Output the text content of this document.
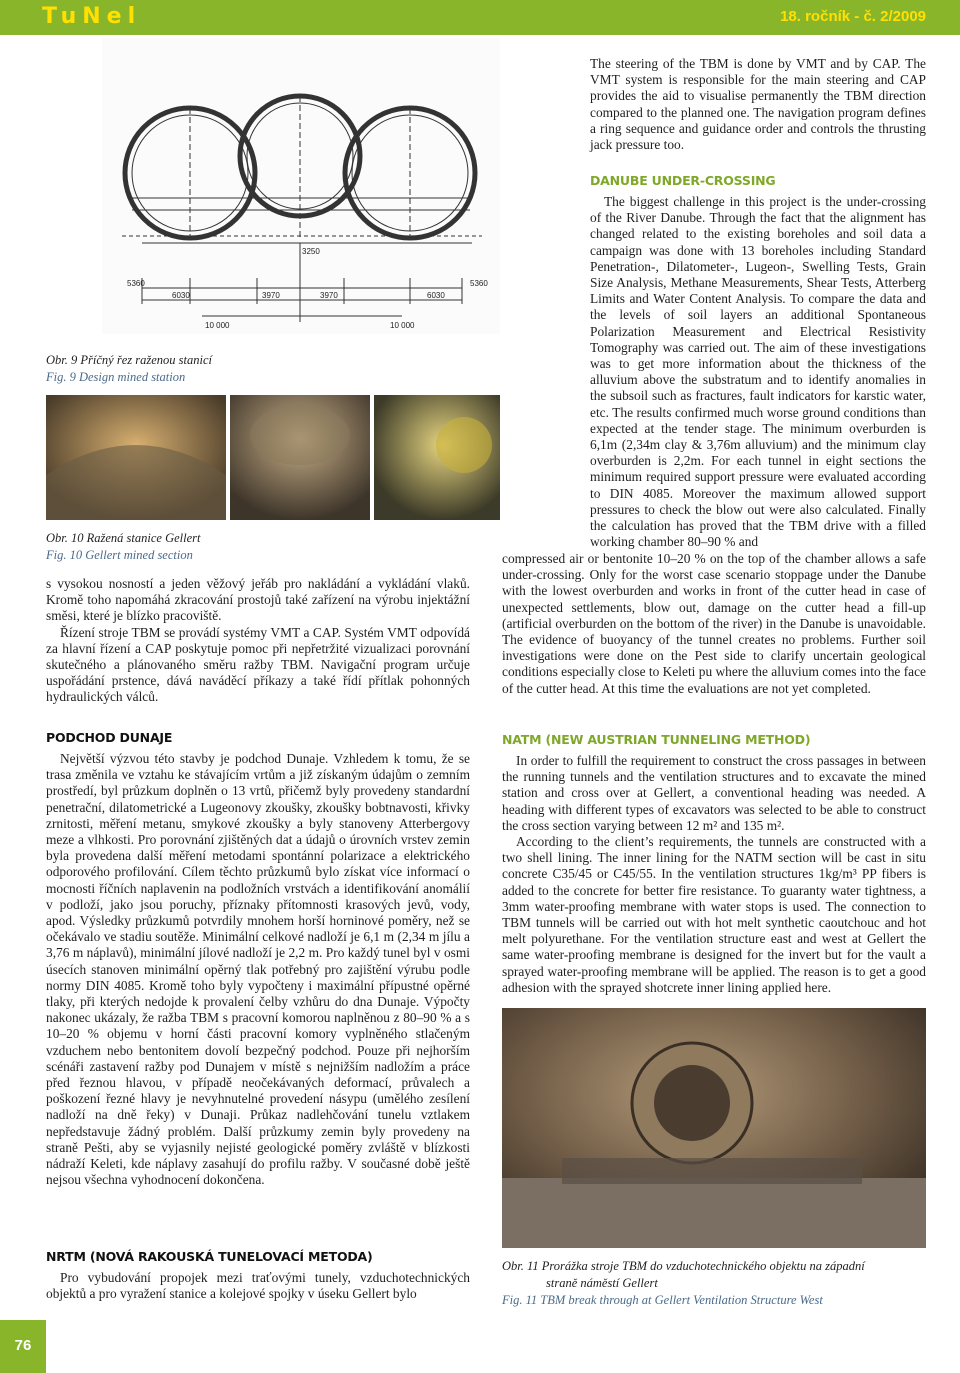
TuNel	18. ročník - č. 2/2009
5360
6030	3970	3970	6030
5360
3250
10 000	10 000
Obr. 9 Příčný řez raženou stanicí
Fig. 9 Design mined station
Obr. 10 Ražená stanice Gellert
Fig. 10 Gellert mined section

s vysokou nosností a jeden věžový jeřáb pro nakládání a vykládání vlaků. Kromě toho napomáhá zkracování prostojů také zařízení na výrobu injektážní směsi, které je blízko pracoviště.

Řízení stroje TBM se provádí systémy VMT a CAP. Systém VMT odpovídá za hlavní řízení a CAP poskytuje pomoc při nepřetržité vizualizaci porovnání skutečného a plánovaného směru ražby TBM. Navigační program určuje uspořádání prstence, dává naváděcí příkazy a také řídí přítlak pohonných hydraulických válců.

PODCHOD DUNAJE

Největší výzvou této stavby je podchod Dunaje. Vzhledem k tomu, že se trasa změnila ve vztahu ke stávajícím vrtům a již získaným údajům o zemním prostředí, byl průzkum doplněn o 13 vrtů, přičemž byly provedeny standardní penetrační, dilatometrické a Lugeonovy zkoušky, zkoušky bobtnavosti, křivky zrnitosti, měření metanu, smykové zkoušky a byly stanoveny Atterbergovy meze a vlhkosti. Pro porovnání zjištěných dat a údajů o úrovních vrstev zemin byla provedena další měření metodami spontánní polarizace a elektrického odporového profilování. Cílem těchto průzkumů bylo získat více informací o mocnosti říčních naplavenin na podložních vrstvách a identifikování anomálií v podloží, jako jsou poruchy, příznaky přítomnosti krasových jevů, vody, apod. Výsledky průzkumů potvrdily mnohem horší horninové poměry, než se očekávalo ve stadiu soutěže. Minimální celkové nadloží je 6,1 m (2,34 m jílu a 3,76 m náplavů), minimální jílové nadloží je 2,2 m. Pro každý tunel byl v osmi úsecích stanoven minimální opěrný tlak potřebný pro zajištění výrubu podle normy DIN 4085. Kromě toho byly vypočteny i maximální přípustné opěrné tlaky, při kterých nedojde k provalení čelby vzhůru do dna Dunaje. Výpočty nakonec ukázaly, že ražba TBM s pracovní komorou naplněnou z 80–90 % a s 10–20 % objemu v horní části pracovní komory vyplněného stlačeným vzduchem nebo bentonitem dovolí bezpečný podchod. Pouze při nejhorším scénáři zastavení ražby pod Dunajem v místě s nejnižším nadložím a práce před řeznou hlavou, v případě neočekávaných deformací, průvalech a poškození řezné hlavy je nevyhnutelné provedení násypu (umělého zesílení nadloží na dně řeky) v Dunaji. Průkaz nadlehčování tunelu vztlakem nepředstavuje žádný problém. Další průzkumy zemin byly provedeny na straně Pešti, aby se vyjasnily nejisté geologické poměry zvláště v blízkosti nádraží Keleti, kde náplavy zasahují do profilu ražby. V současné době ještě nejsou všechna vyhodnocení dokončena.

NRTM (NOVÁ RAKOUSKÁ TUNELOVACÍ METODA)

Pro vybudování propojek mezi traťovými tunely, vzduchotechnických objektů a pro vyražení stanice a kolejové spojky v úseku Gellert bylo

The steering of the TBM is done by VMT and by CAP. The VMT system is responsible for the main steering and CAP provides the aid to visualise permanently the TBM direction compared to the planned one. The navigation program defines a ring sequence and guidance order and controls the thrusting jack pressure too.

DANUBE UNDER-CROSSING

The biggest challenge in this project is the under-crossing of the River Danube. Through the fact that the alignment has changed related to the existing boreholes and soil data a campaign was done with 13 boreholes including Standard Penetration-, Dilatometer-, Lugeon-, Swelling Tests, Grain Size Analysis, Methane Measurements, Shear Tests, Atterberg Limits and Water Content Analysis. To compare the data and the levels of soil layers an additional Spontaneous Polarization Measurement and Electrical Resistivity Tomography was carried out. The aim of these investigations was to get more information about the thickness of the alluvium above the substratum and to identify anomalies in the subsoil such as fractures, fault indicators for karstic water, etc. The results confirmed much worse ground conditions than expected at the tender stage. The minimum overburden is 6,1m (2,34m clay & 3,76m alluvium) and the minimum clay overburden is 2,2m. For each tunnel in eight sections the minimum required support pressure were evaluated according to DIN 4085. Moreover the maximum allowed support pressures to check the blow out were also calculated. Finally the calculation has proved that the TBM drive with a filled working chamber 80–90 % and

compressed air or bentonite 10–20 % on the top of the chamber allows a safe under-crossing. Only for the worst case scenario stoppage under the Danube with the lowest overburden and works in front of the cutter head in case of unexpected settlements, blow out, damage on the cutter head a fill-up (artificial overburden on the bottom of the river) in the Danube is unavoidable. The evidence of buoyancy of the tunnel creates no problems. Further soil investigations were done on the Pest side to clarify uncertain geological conditions especially close to Keleti pu where the alluvium comes into the face of the cutter head. At this time the evaluations are not yet completed.

NATM (NEW AUSTRIAN TUNNELING METHOD)

In order to fulfill the requirement to construct the cross passages in between the running tunnels and the ventilation structures and to excavate the mined station and cross over at Gellert, a conventional heading was needed. A heading with different types of excavators was selected to be able to construct the cross section varying between 12 m² and 135 m².

According to the client’s requirements, the tunnels are constructed with a two shell lining. The inner lining for the NATM section will be cast in situ concrete C35/45 or C45/55. In the ventilation structures 1kg/m³ PP fibers is added to the concrete for better fire resistance. To guaranty water tightness, a 3mm water-proofing membrane with water stops is used. The connection to TBM tunnels will be carried out with hot melt synthetic caoutchouc and hot melt polyurethane. For the ventilation structure east and west at Gellert the same water-proofing membrane is designed for the invert but for the vault a sprayed water-proofing membrane will be applied. The reason is to get a good adhesion with the sprayed shotcrete inner lining applied here.

Obr. 11 Prorážka stroje TBM do vzduchotechnického objektu na západní
straně náměstí Gellert
Fig. 11 TBM break through at Gellert Ventilation Structure West
76
